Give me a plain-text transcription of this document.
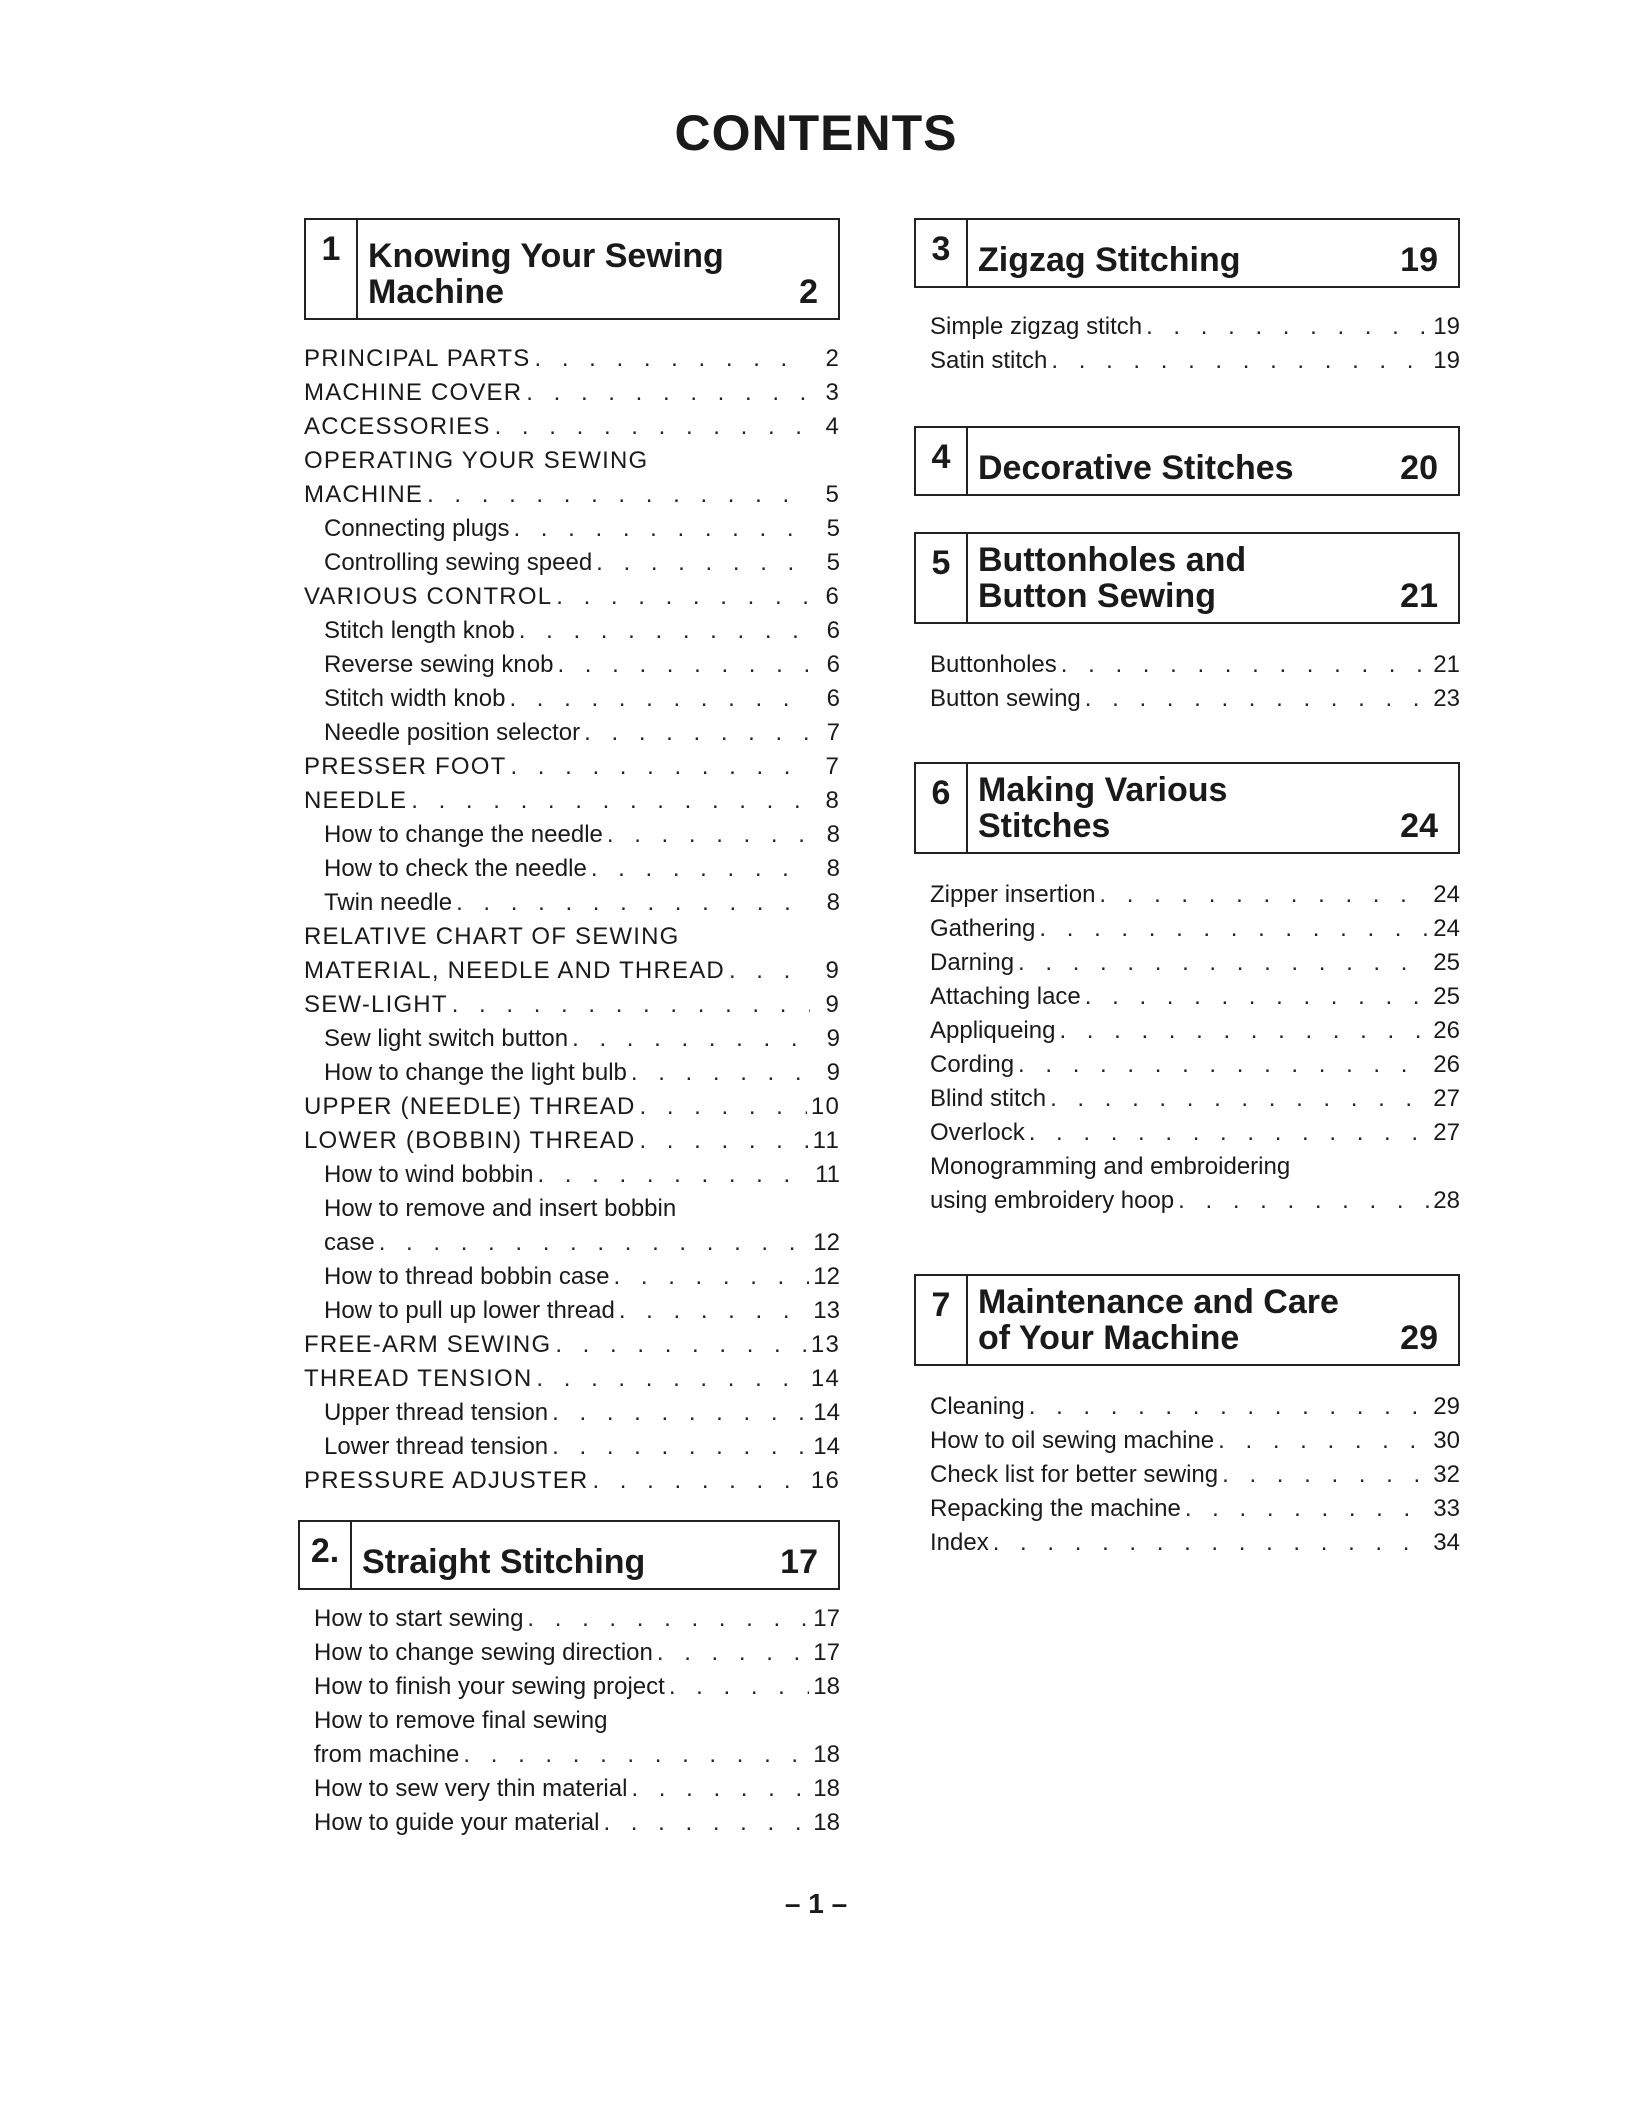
CONTENTS
1 Knowing Your Sewing
Machine	2
PRINCIPAL PARTS . . .	2
MACHINE COVER . . .	3
ACCESSORIES . . .	4
OPERATING YOUR SEWING
MACHINE . . .	5
Connecting plugs . . .	5
Controlling sewing speed . . .	5
VARIOUS CONTROL . . .	6
Stitch length knob . . .	6
Reverse sewing knob . . .	6
Stitch width knob . . .	6
Needle position selector . . .	7
PRESSER FOOT . . .	7
NEEDLE . . .	8
How to change the needle . . .	8
How to check the needle . . .	8
Twin needle . . .	8
RELATIVE CHART OF SEWING
MATERIAL, NEEDLE AND THREAD . . .	9
SEW-LIGHT . . .	9
Sew light switch button . . .	9
How to change the light bulb . . .	9
UPPER (NEEDLE) THREAD . . .	10
LOWER (BOBBIN) THREAD . . .	11
How to wind bobbin . . .	11
How to remove and insert bobbin
case . . .	12
How to thread bobbin case . . .	12
How to pull up lower thread . . .	13
FREE-ARM SEWING . . .	13
THREAD TENSION . . .	14
Upper thread tension . . .	14
Lower thread tension . . .	14
PRESSURE ADJUSTER . . .	16
2. Straight Stitching	17
How to start sewing . . .	17
How to change sewing direction . . .	17
How to finish your sewing project . . .	18
How to remove final sewing
from machine . . .	18
How to sew very thin material . . .	18
How to guide your material . . .	18
3 Zigzag Stitching	19
Simple zigzag stitch . . .	19
Satin stitch . . .	19
4 Decorative Stitches	20
5 Buttonholes and
Button Sewing	21
Buttonholes . . .	21
Button sewing . . .	23
6 Making Various
Stitches	24
Zipper insertion . . .	24
Gathering . . .	24
Darning . . .	25
Attaching lace . . .	25
Appliqueing . . .	26
Cording . . .	26
Blind stitch . . .	27
Overlock . . .	27
Monogramming and embroidering
using embroidery hoop . . .	28
7 Maintenance and Care
of Your Machine	29
Cleaning . . .	29
How to oil sewing machine . . .	30
Check list for better sewing . . .	32
Repacking the machine . . .	33
Index . . .	34
– 1 –
